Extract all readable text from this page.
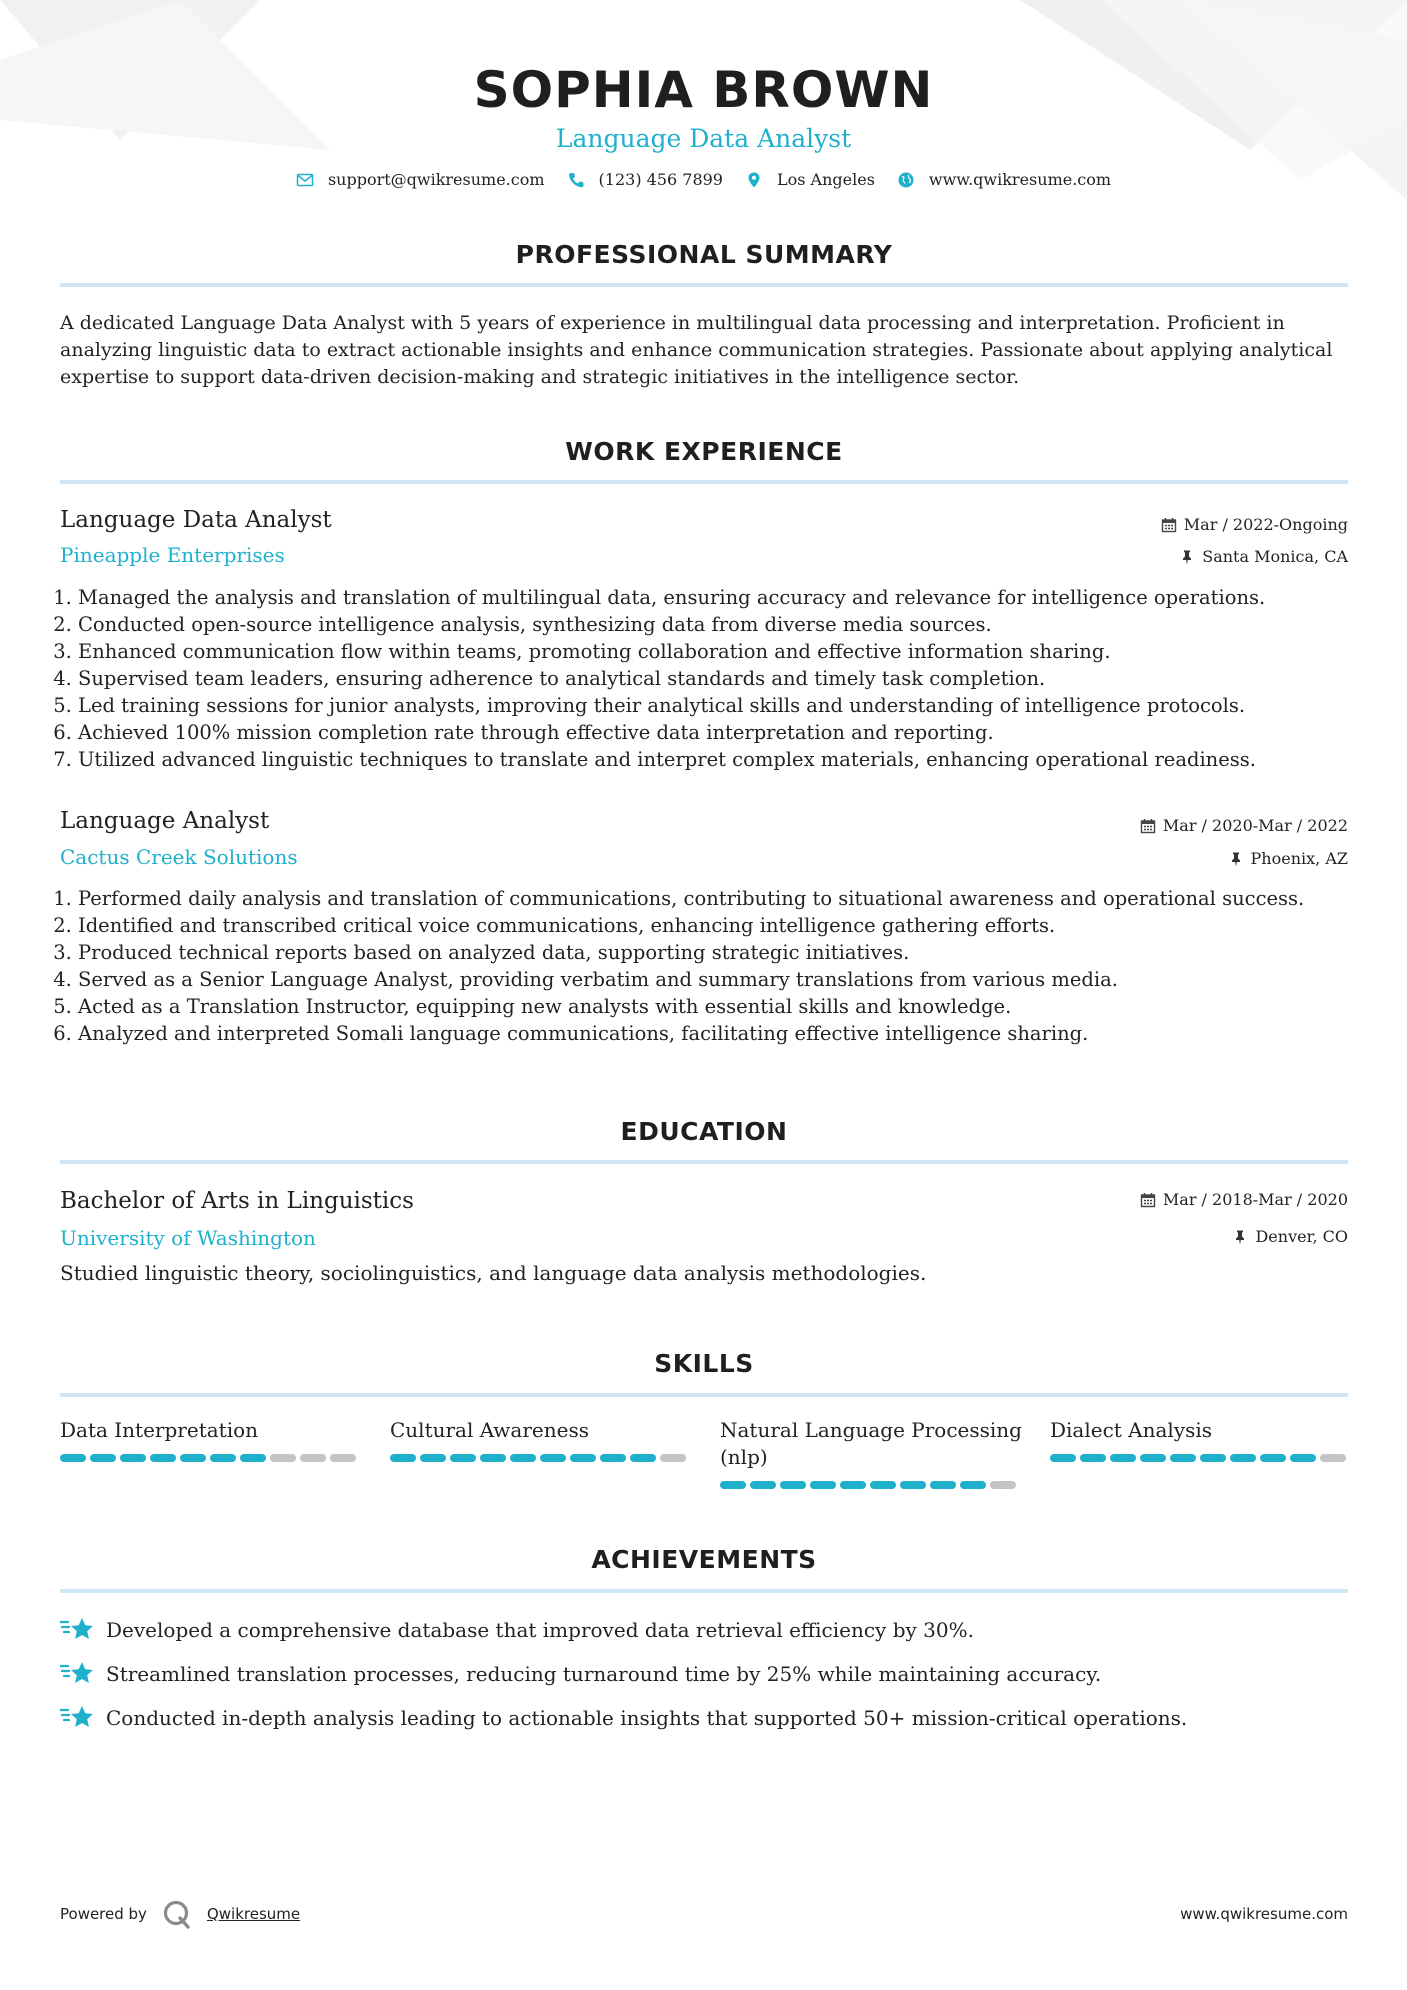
SOPHIA BROWN
Language Data Analyst
support@qwikresume.com	(123) 456 7899	Los Angeles	www.qwikresume.com
PROFESSIONAL SUMMARY
A dedicated Language Data Analyst with 5 years of experience in multilingual data processing and interpretation. Proficient in analyzing linguistic data to extract actionable insights and enhance communication strategies. Passionate about applying analytical expertise to support data-driven decision-making and strategic initiatives in the intelligence sector.
WORK EXPERIENCE
Language Data Analyst	Mar / 2022-Ongoing
Pineapple Enterprises	Santa Monica, CA
1. Managed the analysis and translation of multilingual data, ensuring accuracy and relevance for intelligence operations.
2. Conducted open-source intelligence analysis, synthesizing data from diverse media sources.
3. Enhanced communication flow within teams, promoting collaboration and effective information sharing.
4. Supervised team leaders, ensuring adherence to analytical standards and timely task completion.
5. Led training sessions for junior analysts, improving their analytical skills and understanding of intelligence protocols.
6. Achieved 100% mission completion rate through effective data interpretation and reporting.
7. Utilized advanced linguistic techniques to translate and interpret complex materials, enhancing operational readiness.
Language Analyst	Mar / 2020-Mar / 2022
Cactus Creek Solutions	Phoenix, AZ
1. Performed daily analysis and translation of communications, contributing to situational awareness and operational success.
2. Identified and transcribed critical voice communications, enhancing intelligence gathering efforts.
3. Produced technical reports based on analyzed data, supporting strategic initiatives.
4. Served as a Senior Language Analyst, providing verbatim and summary translations from various media.
5. Acted as a Translation Instructor, equipping new analysts with essential skills and knowledge.
6. Analyzed and interpreted Somali language communications, facilitating effective intelligence sharing.
EDUCATION
Bachelor of Arts in Linguistics	Mar / 2018-Mar / 2020
University of Washington	Denver, CO
Studied linguistic theory, sociolinguistics, and language data analysis methodologies.
SKILLS
Data Interpretation	Cultural Awareness	Natural Language Processing (nlp)
Dialect Analysis
ACHIEVEMENTS
Developed a comprehensive database that improved data retrieval efficiency by 30%.
Streamlined translation processes, reducing turnaround time by 25% while maintaining accuracy.
Conducted in-depth analysis leading to actionable insights that supported 50+ mission-critical operations.
Powered by	Qwikresume	www.qwikresume.com
